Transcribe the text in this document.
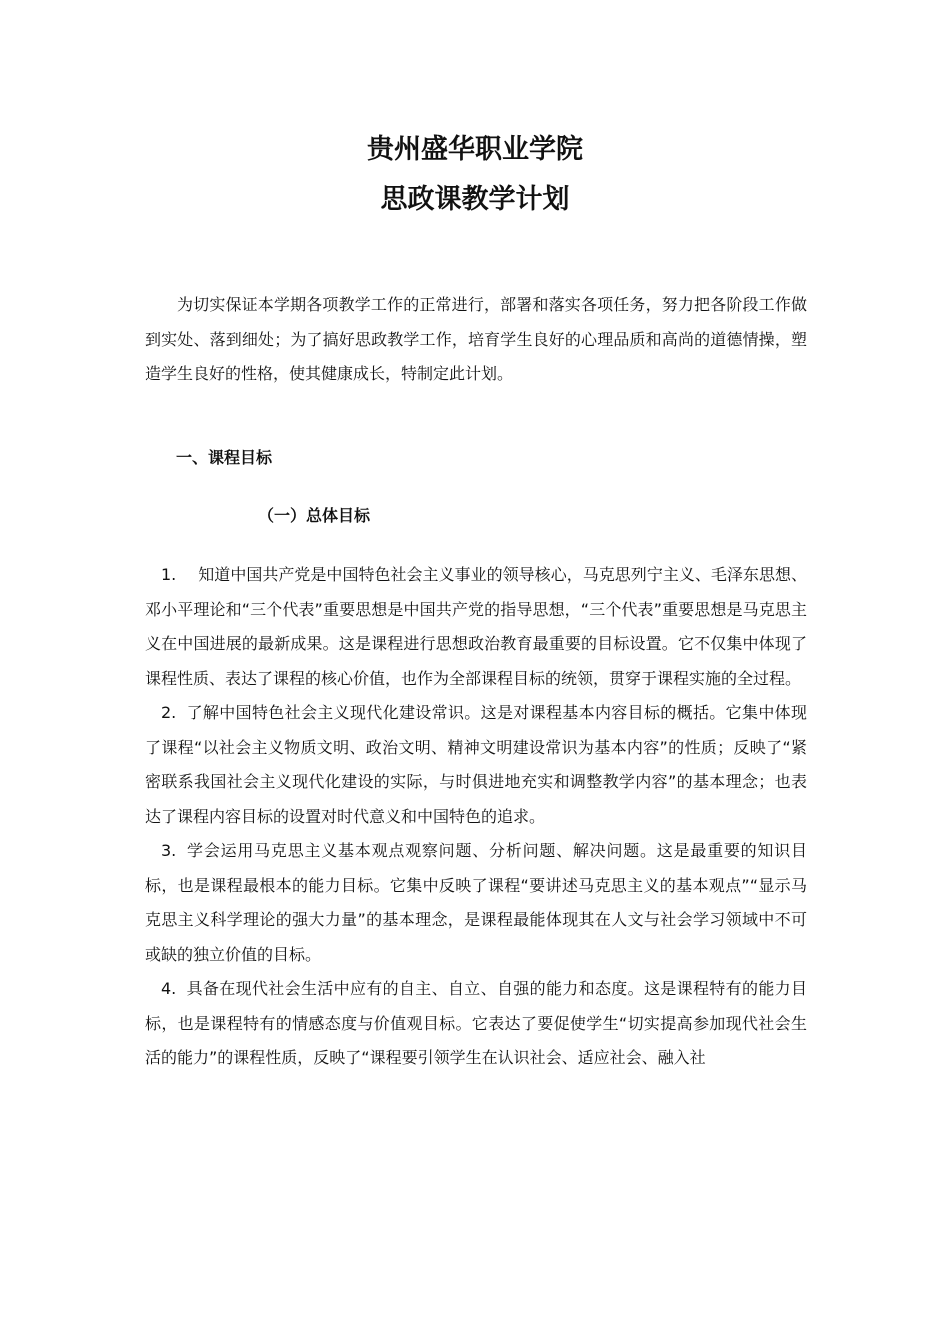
贵州盛华职业学院
思政课教学计划

为切实保证本学期各项教学工作的正常进行，部署和落实各项任务，努力把各阶段工作做到实处、落到细处；为了搞好思政教学工作，培育学生良好的心理品质和高尚的道德情操，塑造学生良好的性格，使其健康成长，特制定此计划。

一、课程目标
（一）总体目标

1. 知道中国共产党是中国特色社会主义事业的领导核心，马克思列宁主义、毛泽东思想、邓小平理论和“三个代表”重要思想是中国共产党的指导思想，“三个代表”重要思想是马克思主义在中国进展的最新成果。这是课程进行思想政治教育最重要的目标设置。它不仅集中体现了课程性质、表达了课程的核心价值，也作为全部课程目标的统领，贯穿于课程实施的全过程。

2. 了解中国特色社会主义现代化建设常识。这是对课程基本内容目标的概括。它集中体现了课程“以社会主义物质文明、政治文明、精神文明建设常识为基本内容”的性质；反映了“紧密联系我国社会主义现代化建设的实际，与时俱进地充实和调整教学内容”的基本理念；也表达了课程内容目标的设置对时代意义和中国特色的追求。

3. 学会运用马克思主义基本观点观察问题、分析问题、解决问题。这是最重要的知识目标，也是课程最根本的能力目标。它集中反映了课程“要讲述马克思主义的基本观点”“显示马克思主义科学理论的强大力量”的基本理念，是课程最能体现其在人文与社会学习领域中不可或缺的独立价值的目标。

4. 具备在现代社会生活中应有的自主、自立、自强的能力和态度。这是课程特有的能力目标，也是课程特有的情感态度与价值观目标。它表达了要促使学生“切实提高参加现代社会生活的能力”的课程性质，反映了“课程要引领学生在认识社会、适应社会、融入社
